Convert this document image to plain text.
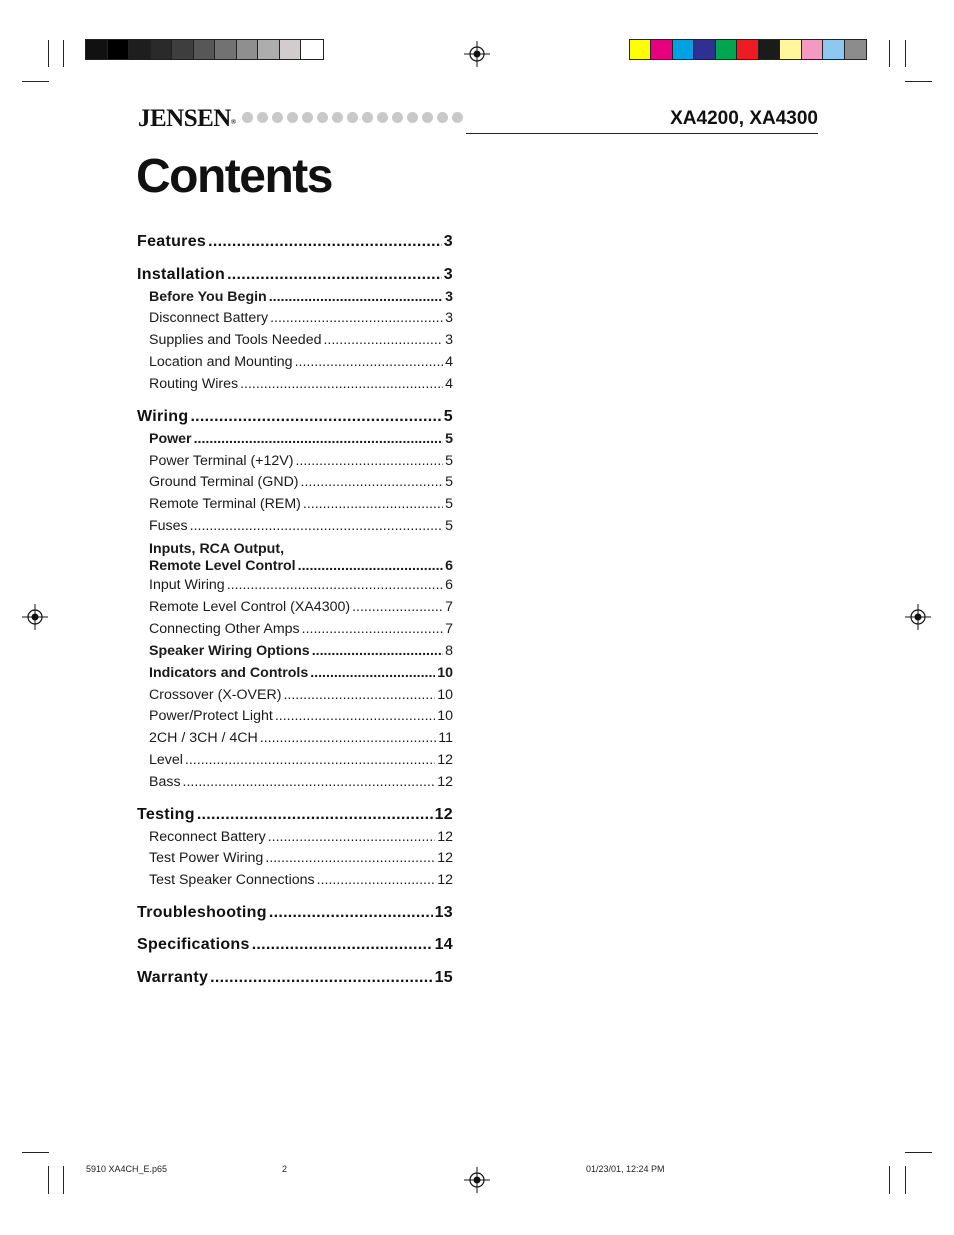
JENSEN®	XA4200, XA4300
Contents
Features .....	3
Installation .....	3
Before You Begin .....	3
Disconnect Battery .....	3
Supplies and Tools Needed .....	3
Location and Mounting .....	4
Routing Wires .....	4
Wiring .....	5
Power .....	5
Power Terminal (+12V) .....	5
Ground Terminal (GND) .....	5
Remote Terminal (REM) .....	5
Fuses .....	5
Inputs, RCA Output,
Remote Level Control .....	6
Input Wiring .....	6
Remote Level Control (XA4300) .....	7
Connecting Other Amps .....	7
Speaker Wiring Options .....	8
Indicators and Controls .....	10
Crossover (X-OVER) .....	10
Power/Protect Light .....	10
2CH / 3CH / 4CH .....	11
Level .....	12
Bass .....	12
Testing .....	12
Reconnect Battery .....	12
Test Power Wiring .....	12
Test Speaker Connections .....	12
Troubleshooting .....	13
Specifications .....	14
Warranty .....	15
5910 XA4CH_E.p65	2	01/23/01, 12:24 PM
